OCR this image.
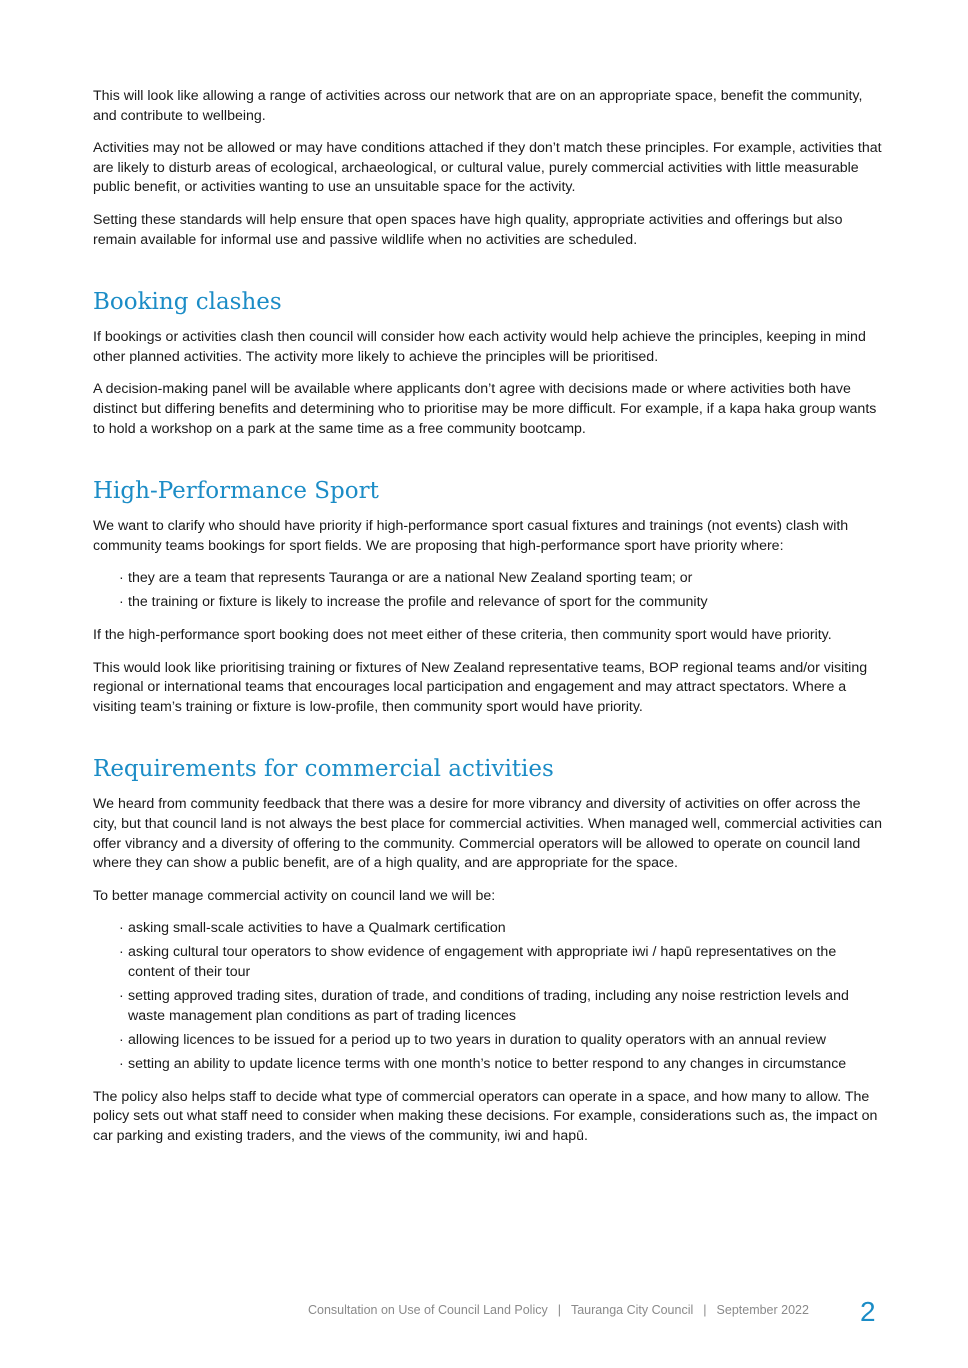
This will look like allowing a range of activities across our network that are on an appropriate space, benefit the community, and contribute to wellbeing.

Activities may not be allowed or may have conditions attached if they don’t match these principles. For example, activities that are likely to disturb areas of ecological, archaeological, or cultural value, purely commercial activities with little measurable public benefit, or activities wanting to use an unsuitable space for the activity.

Setting these standards will help ensure that open spaces have high quality, appropriate activities and offerings but also remain available for informal use and passive wildlife when no activities are scheduled.

Booking clashes

If bookings or activities clash then council will consider how each activity would help achieve the principles, keeping in mind other planned activities. The activity more likely to achieve the principles will be prioritised.

A decision-making panel will be available where applicants don’t agree with decisions made or where activities both have distinct but differing benefits and determining who to prioritise may be more difficult. For example, if a kapa haka group wants to hold a workshop on a park at the same time as a free community bootcamp.

High-Performance Sport

We want to clarify who should have priority if high-performance sport casual fixtures and trainings (not events) clash with community teams bookings for sport fields. We are proposing that high-performance sport have priority where:

· they are a team that represents Tauranga or are a national New Zealand sporting team; or
· the training or fixture is likely to increase the profile and relevance of sport for the community

If the high-performance sport booking does not meet either of these criteria, then community sport would have priority.

This would look like prioritising training or fixtures of New Zealand representative teams, BOP regional teams and/or visiting regional or international teams that encourages local participation and engagement and may attract spectators. Where a visiting team’s training or fixture is low-profile, then community sport would have priority.

Requirements for commercial activities

We heard from community feedback that there was a desire for more vibrancy and diversity of activities on offer across the city, but that council land is not always the best place for commercial activities. When managed well, commercial activities can offer vibrancy and a diversity of offering to the community. Commercial operators will be allowed to operate on council land where they can show a public benefit, are of a high quality, and are appropriate for the space.

To better manage commercial activity on council land we will be:

· asking small-scale activities to have a Qualmark certification
· asking cultural tour operators to show evidence of engagement with appropriate iwi / hapū representatives on the content of their tour
· setting approved trading sites, duration of trade, and conditions of trading, including any noise restriction levels and waste management plan conditions as part of trading licences
· allowing licences to be issued for a period up to two years in duration to quality operators with an annual review
· setting an ability to update licence terms with one month’s notice to better respond to any changes in circumstance

The policy also helps staff to decide what type of commercial operators can operate in a space, and how many to allow. The policy sets out what staff need to consider when making these decisions. For example, considerations such as, the impact on car parking and existing traders, and the views of the community, iwi and hapū.

Consultation on Use of Council Land Policy | Tauranga City Council | September 2022	2
